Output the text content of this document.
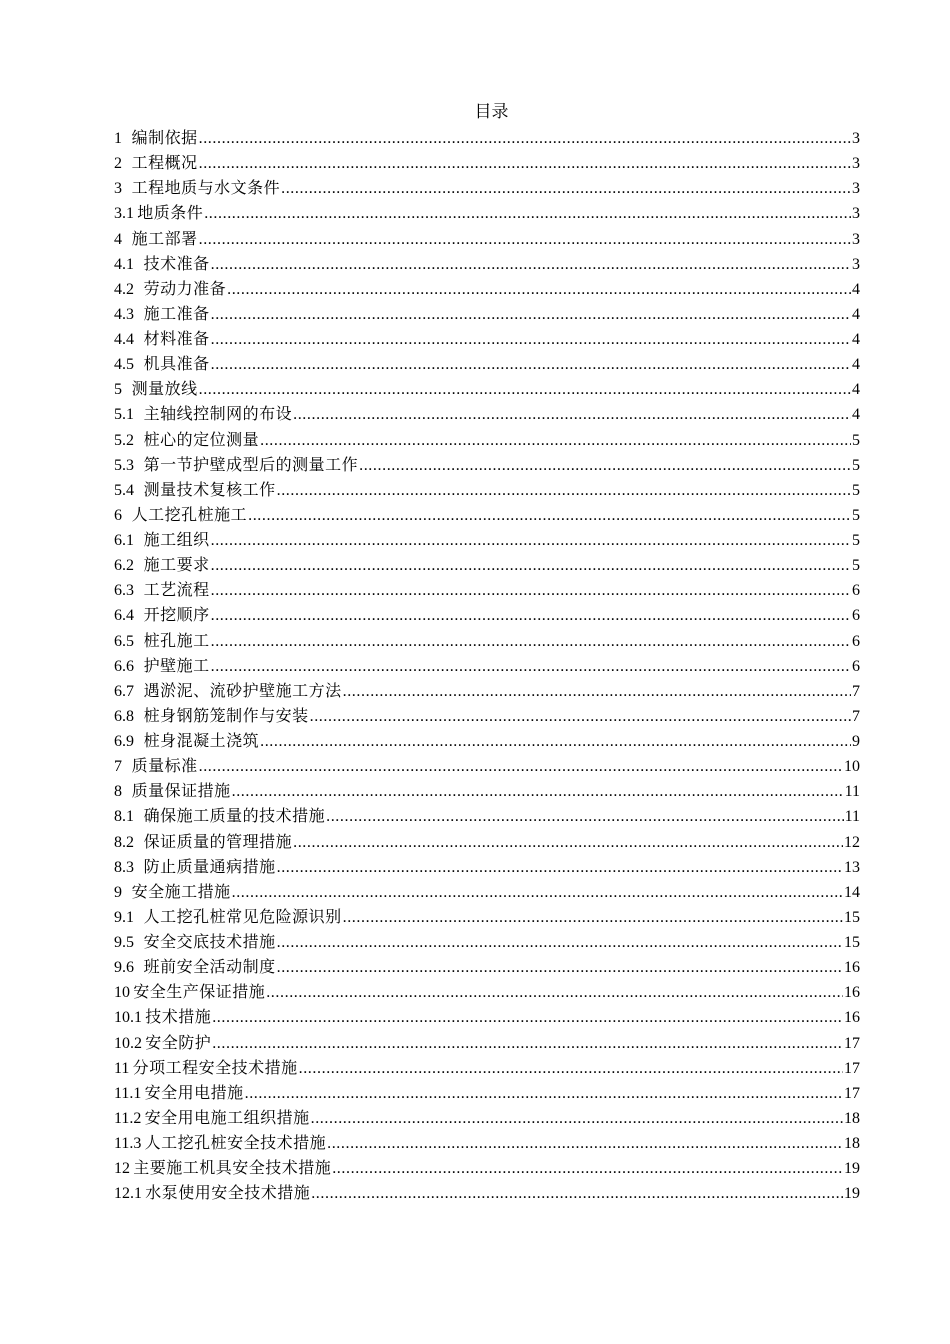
目录
1 编制依据 .....	3
2 工程概况 .....	3
3 工程地质与水文条件 .....	3
3.1 地质条件 .....	3
4 施工部署 .....	3
4.1 技术准备 .....	3
4.2 劳动力准备 .....	4
4.3 施工准备 .....	4
4.4 材料准备 .....	4
4.5 机具准备 .....	4
5 测量放线 .....	4
5.1 主轴线控制网的布设 .....	4
5.2 桩心的定位测量 .....	5
5.3 第一节护壁成型后的测量工作 .....	5
5.4 测量技术复核工作 .....	5
6 人工挖孔桩施工 .....	5
6.1 施工组织 .....	5
6.2 施工要求 .....	5
6.3 工艺流程 .....	6
6.4 开挖顺序 .....	6
6.5 桩孔施工 .....	6
6.6 护壁施工 .....	6
6.7 遇淤泥、流砂护壁施工方法 .....	7
6.8 桩身钢筋笼制作与安装 .....	7
6.9 桩身混凝土浇筑 .....	9
7 质量标准 .....	10
8 质量保证措施 .....	11
8.1 确保施工质量的技术措施 .....	11
8.2 保证质量的管理措施 .....	12
8.3 防止质量通病措施 .....	13
9 安全施工措施 .....	14
9.1 人工挖孔桩常见危险源识别 .....	15
9.5 安全交底技术措施 .....	15
9.6 班前安全活动制度 .....	16
10 安全生产保证措施 .....	16
10.1 技术措施 .....	16
10.2 安全防护 .....	17
11 分项工程安全技术措施 .....	17
11.1 安全用电措施 .....	17
11.2 安全用电施工组织措施 .....	18
11.3 人工挖孔桩安全技术措施 .....	18
12 主要施工机具安全技术措施 .....	19
12.1 水泵使用安全技术措施 .....	19
